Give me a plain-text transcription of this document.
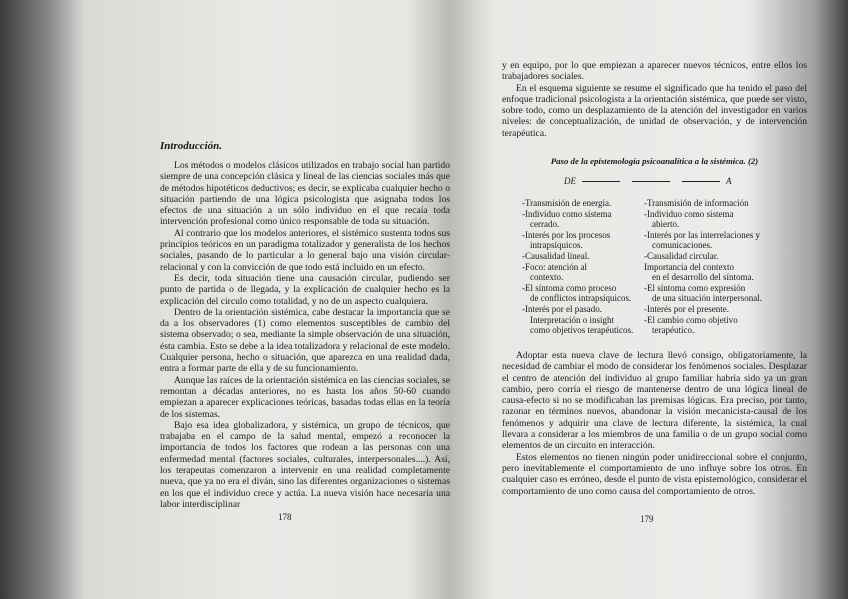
Introducción.

Los métodos o modelos clásicos utilizados en trabajo social han partido siempre de una concepción clásica y lineal de las ciencias sociales más que de métodos hipotéticos deductivos; es decir, se explicaba cualquier hecho o situación partiendo de una lógica psicologista que asignaba todos los efectos de una situación a un sólo individuo en el que recaía toda intervención profesional como único responsable de toda su situación.

Al contrario que los modelos anteriores, el sistémico sustenta todos sus principios teóricos en un paradigma totalizador y generalista de los hechos sociales, pasando de lo particular a lo general bajo una visión circular-relacional y con la convicción de que todo está incluido en un efecto.

Es decir, toda situación tiene una causación circular, pudiendo ser punto de partida o de llegada, y la explicación de cualquier hecho es la explicación del círculo como totalidad, y no de un aspecto cualquiera.

Dentro de la orientación sistémica, cabe destacar la importancia que se da a los observadores (1) como elementos susceptibles de cambio del sistema observado; o sea, mediante la simple observación de una situación, ésta cambia. Esto se debe a la idea totalizadora y relacional de este modelo. Cualquier persona, hecho o situación, que aparezca en una realidad dada, entra a formar parte de ella y de su funcionamiento.

Aunque las raíces de la orientación sistémica en las ciencias sociales, se remontan a décadas anteriores, no es hasta los años 50-60 cuando empiezan a aparecer explicaciones teóricas, basadas todas ellas en la teoría de los sistemas.

Bajo esa idea globalizadora, y sistémica, un grupo de técnicos, que trabajaba en el campo de la salud mental, empezó a reconocer la importancia de todos los factores que rodean a las personas con una enfermedad mental (factores sociales, culturales, interpersonales....). Así, los terapeutas comenzaron a intervenir en una realidad completamente nueva, que ya no era el diván, sino las diferentes organizaciones o sistemas en los que el individuo crece y actúa. La nueva visión hace necesaria una labor interdisciplinar

178

y en equipo, por lo que empiezan a aparecer nuevos técnicos, entre ellos los trabajadores sociales.

En el esquema siguiente se resume el significado que ha tenido el paso del enfoque tradicional psicologista a la orientación sistémica, que puede ser visto, sobre todo, como un desplazamiento de la atención del investigador en varios niveles: de conceptualización, de unidad de observación, y de intervención terapéutica.

Paso de la epistemología psicoanalítica a la sistémica. (2)
DE	A
-Transmisión de energía.
-Individuo como sistema
cerrado.
-Interés por los procesos
intrapsíquicos.
-Causalidad lineal.
-Foco: atención al
contexto.
-El síntoma como proceso
de conflictos intrapsíquicos.
-Interés por el pasado.
Interpretación o insight
como objetivos terapéuticos.
-Transmisión de información
-Individuo como sistema
abierto.
-Interés por las interrelaciones y
comunicaciones.
-Causalidad circular.
Importancia del contexto
en el desarrollo del síntoma.
-El síntoma como expresión
de una situación interpersonal.
-Interés por el presente.
-El cambio como objetivo
terapéutico.

Adoptar esta nueva clave de lectura llevó consigo, obligatoriamente, la necesidad de cambiar el modo de considerar los fenómenos sociales. Desplazar el centro de atención del individuo al grupo familiar habría sido ya un gran cambio, pero corría el riesgo de mantenerse dentro de una lógica lineal de causa-efecto si no se modificaban las premisas lógicas. Era preciso, por tanto, razonar en términos nuevos, abandonar la visión mecanicista-causal de los fenómenos y adquirir una clave de lectura diferente, la sistémica, la cual llevara a considerar a los miembros de una familia o de un grupo social como elementos de un circuito en interacción.

Estos elementos no tienen ningún poder unidireccional sobre el conjunto, pero inevitablemente el comportamiento de uno influye sobre los otros. En cualquier caso es erróneo, desde el punto de vista epistemológico, considerar el comportamiento de uno como causa del comportamiento de otros.

179
